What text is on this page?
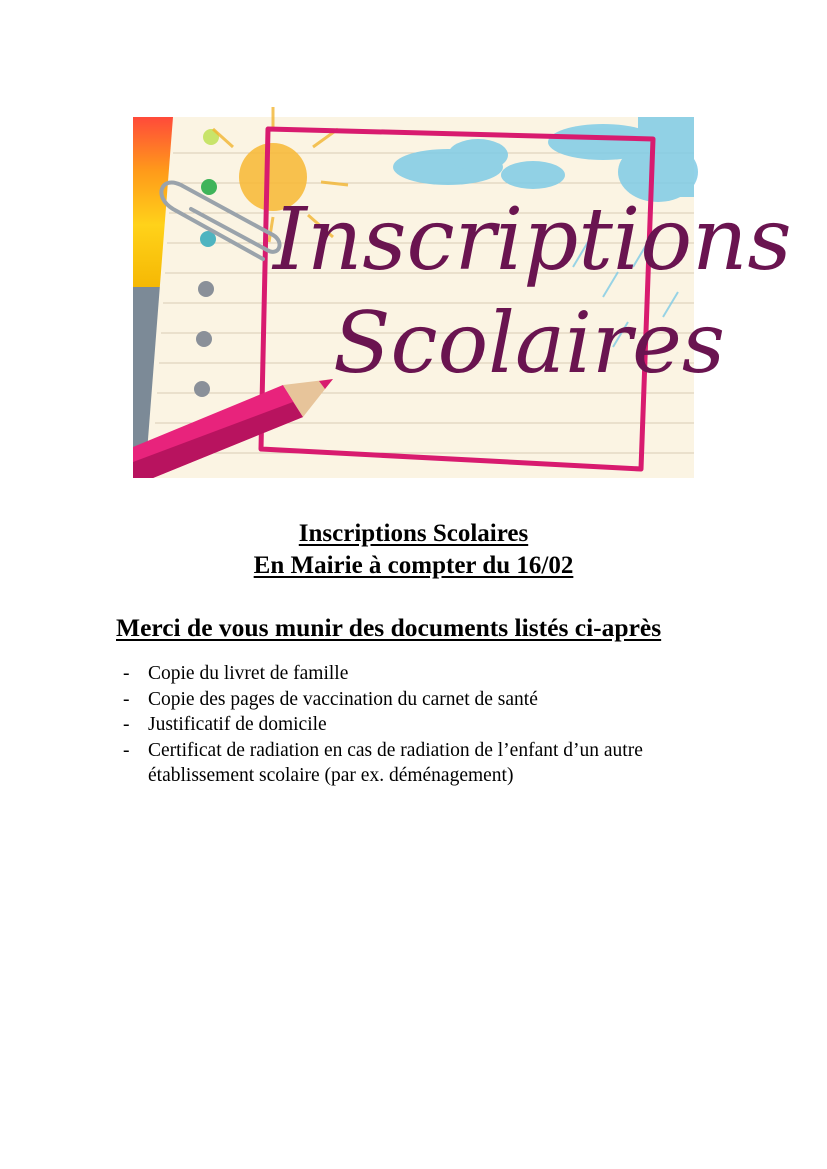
Inscriptions
Scolaires
Inscriptions Scolaires
En Mairie à compter du 16/02
Merci de vous munir des documents listés ci-après
- Copie du livret de famille
- Copie des pages de vaccination du carnet de santé
- Justificatif de domicile
- Certificat de radiation en cas de radiation de l’enfant d’un autre établissement scolaire (par ex. déménagement)
